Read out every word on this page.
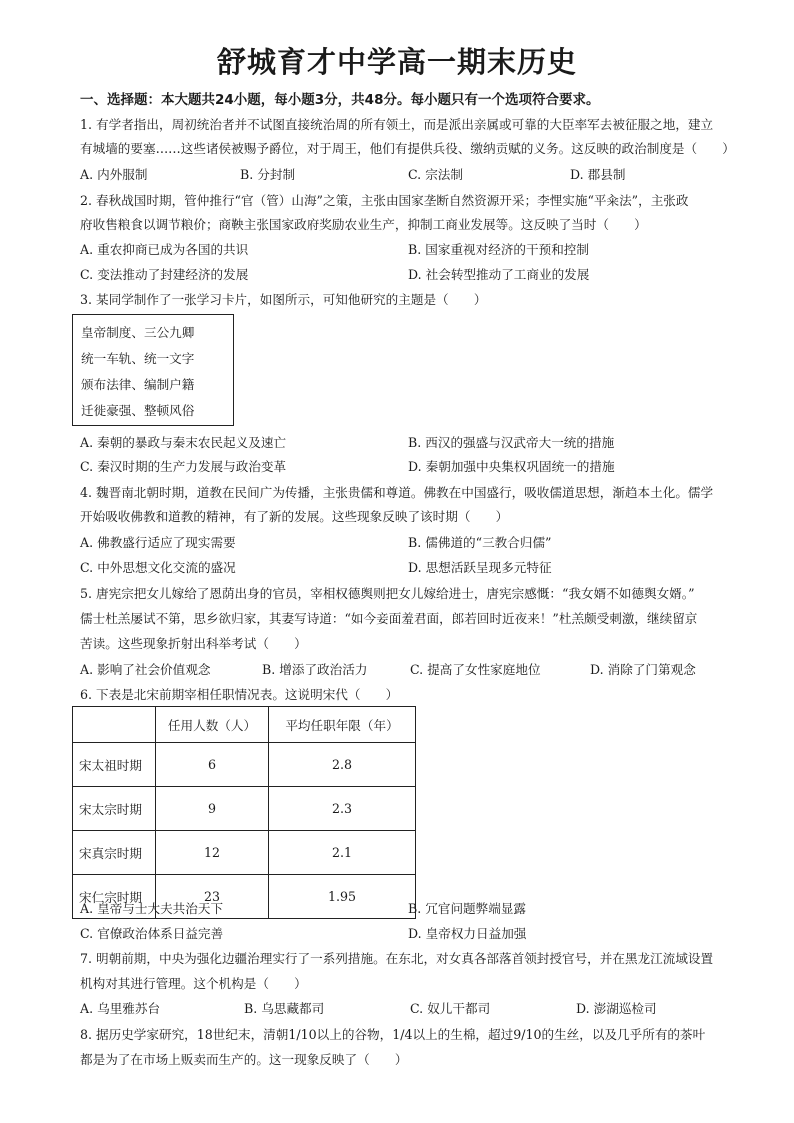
舒城育才中学高一期末历史
一、选择题：本大题共24小题，每小题3分，共48分。每小题只有一个选项符合要求。
1. 有学者指出，周初统治者并不试图直接统治周的所有领土，而是派出亲属或可靠的大臣率军去被征服之地，建立
有城墙的要塞……这些诸侯被赐予爵位，对于周王，他们有提供兵役、缴纳贡赋的义务。这反映的政治制度是（　　）
A. 内外服制	B. 分封制	C. 宗法制	D. 郡县制
2. 春秋战国时期，管仲推行“官（管）山海”之策，主张由国家垄断自然资源开采；李悝实施“平籴法”，主张政
府收售粮食以调节粮价；商鞅主张国家政府奖励农业生产，抑制工商业发展等。这反映了当时（　　）
A. 重农抑商已成为各国的共识	B. 国家重视对经济的干预和控制
C. 变法推动了封建经济的发展	D. 社会转型推动了工商业的发展
3. 某同学制作了一张学习卡片，如图所示，可知他研究的主题是（　　）
皇帝制度、三公九卿
统一车轨、统一文字
颁布法律、编制户籍
迁徙豪强、整顿风俗
A. 秦朝的暴政与秦末农民起义及速亡	B. 西汉的强盛与汉武帝大一统的措施
C. 秦汉时期的生产力发展与政治变革	D. 秦朝加强中央集权巩固统一的措施
4. 魏晋南北朝时期，道教在民间广为传播，主张贵儒和尊道。佛教在中国盛行，吸收儒道思想，渐趋本土化。儒学
开始吸收佛教和道教的精神，有了新的发展。这些现象反映了该时期（　　）
A. 佛教盛行适应了现实需要	B. 儒佛道的“三教合归儒”
C. 中外思想文化交流的盛况	D. 思想活跃呈现多元特征
5. 唐宪宗把女儿嫁给了恩荫出身的官员，宰相权德舆则把女儿嫁给进士，唐宪宗感慨：“我女婿不如德舆女婿。”
儒士杜羔屡试不第，思乡欲归家，其妻写诗道：“如今妾面羞君面，郎若回时近夜来！”杜羔颇受刺激，继续留京
苦读。这些现象折射出科举考试（　　）
A. 影响了社会价值观念	B. 增添了政治活力	C. 提高了女性家庭地位	D. 消除了门第观念
6. 下表是北宋前期宰相任职情况表。这说明宋代（　　）
	任用人数（人）	平均任职年限（年）
宋太祖时期	6	2.8
宋太宗时期	9	2.3
宋真宗时期	12	2.1
宋仁宗时期	23	1.95
A. 皇帝与士大夫共治天下	B. 冗官问题弊端显露
C. 官僚政治体系日益完善	D. 皇帝权力日益加强
7. 明朝前期，中央为强化边疆治理实行了一系列措施。在东北，对女真各部落首领封授官号，并在黑龙江流域设置
机构对其进行管理。这个机构是（　　）
A. 乌里雅苏台	B. 乌思藏都司	C. 奴儿干都司	D. 澎湖巡检司
8. 据历史学家研究，18世纪末，清朝1/10以上的谷物，1/4以上的生棉，超过9/10的生丝，以及几乎所有的茶叶
都是为了在市场上贩卖而生产的。这一现象反映了（　　）
